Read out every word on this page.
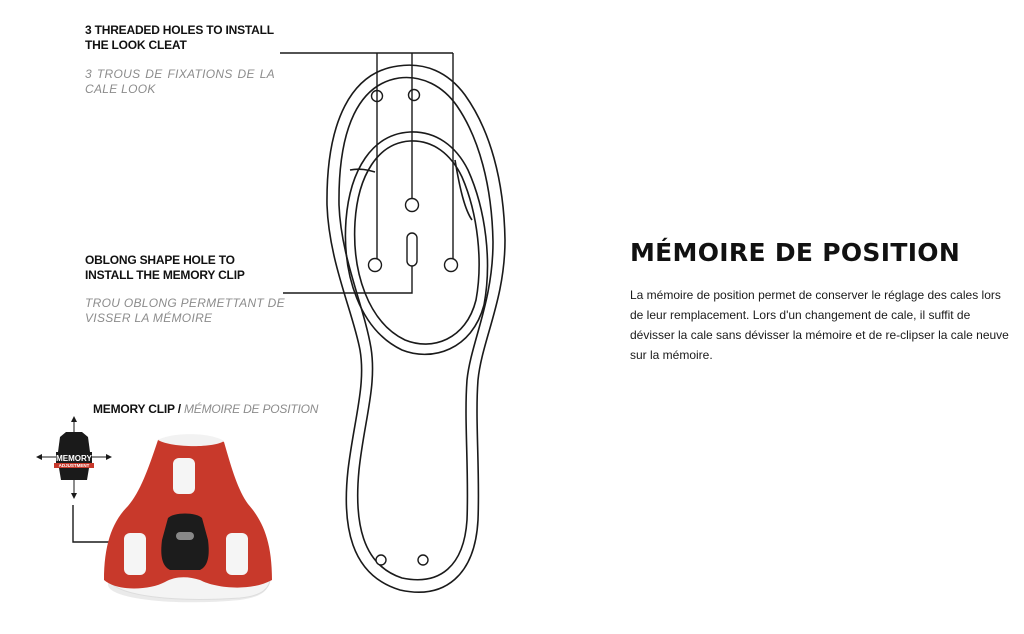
MEMORY
ADJUSTMENT

3 THREADED HOLES TO INSTALL THE LOOK CLEAT

3 TROUS DE FIXATIONS DE LA CALE LOOK

OBLONG SHAPE HOLE TO INSTALL THE MEMORY CLIP

TROU OBLONG PERMETTANT DE VISSER LA MÉMOIRE

MEMORY CLIP / MÉMOIRE DE POSITION

MÉMOIRE DE POSITION

La mémoire de position permet de conserver le réglage des cales lors de leur remplacement. Lors d'un changement de cale, il suffit de dévisser la cale sans dévisser la mémoire et de re-clipser la cale neuve sur la mémoire.
